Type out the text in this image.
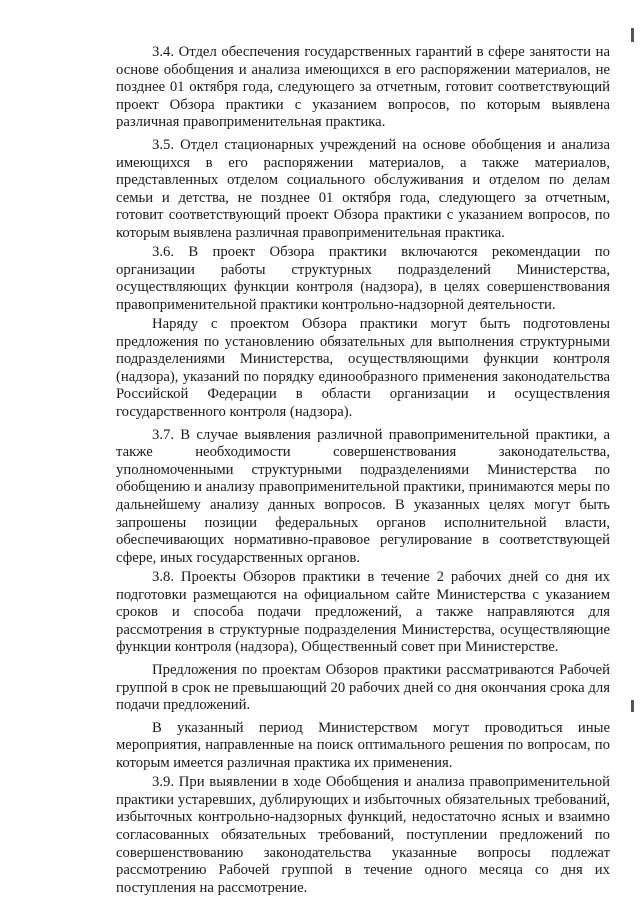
3.4. Отдел обеспечения государственных гарантий в сфере занятости на основе обобщения и анализа имеющихся в его распоряжении материалов, не позднее 01 октября года, следующего за отчетным, готовит соответствующий проект Обзора практики с указанием вопросов, по которым выявлена различная правоприменительная практика.

3.5. Отдел стационарных учреждений на основе обобщения и анализа имеющихся в его распоряжении материалов, а также материалов, представленных отделом социального обслуживания и отделом по делам семьи и детства, не позднее 01 октября года, следующего за отчетным, готовит соответствующий проект Обзора практики с указанием вопросов, по которым выявлена различная правоприменительная практика.

3.6. В проект Обзора практики включаются рекомендации по организации работы структурных подразделений Министерства, осуществляющих функции контроля (надзора), в целях совершенствования правоприменительной практики контрольно-надзорной деятельности.

Наряду с проектом Обзора практики могут быть подготовлены предложения по установлению обязательных для выполнения структурными подразделениями Министерства, осуществляющими функции контроля (надзора), указаний по порядку единообразного применения законодательства Российской Федерации в области организации и осуществления государственного контроля (надзора).

3.7. В случае выявления различной правоприменительной практики, а также необходимости совершенствования законодательства, уполномоченными структурными подразделениями Министерства по обобщению и анализу правоприменительной практики, принимаются меры по дальнейшему анализу данных вопросов. В указанных целях могут быть запрошены позиции федеральных органов исполнительной власти, обеспечивающих нормативно-правовое регулирование в соответствующей сфере, иных государственных органов.

3.8. Проекты Обзоров практики в течение 2 рабочих дней со дня их подготовки размещаются на официальном сайте Министерства с указанием сроков и способа подачи предложений, а также направляются для рассмотрения в структурные подразделения Министерства, осуществляющие функции контроля (надзора), Общественный совет при Министерстве.

Предложения по проектам Обзоров практики рассматриваются Рабочей группой в срок не превышающий 20 рабочих дней со дня окончания срока для подачи предложений.

В указанный период Министерством могут проводиться иные мероприятия, направленные на поиск оптимального решения по вопросам, по которым имеется различная практика их применения.

3.9. При выявлении в ходе Обобщения и анализа правоприменительной практики устаревших, дублирующих и избыточных обязательных требований, избыточных контрольно-надзорных функций, недостаточно ясных и взаимно согласованных обязательных требований, поступлении предложений по совершенствованию законодательства указанные вопросы подлежат рассмотрению Рабочей группой в течение одного месяца со дня их поступления на рассмотрение.
